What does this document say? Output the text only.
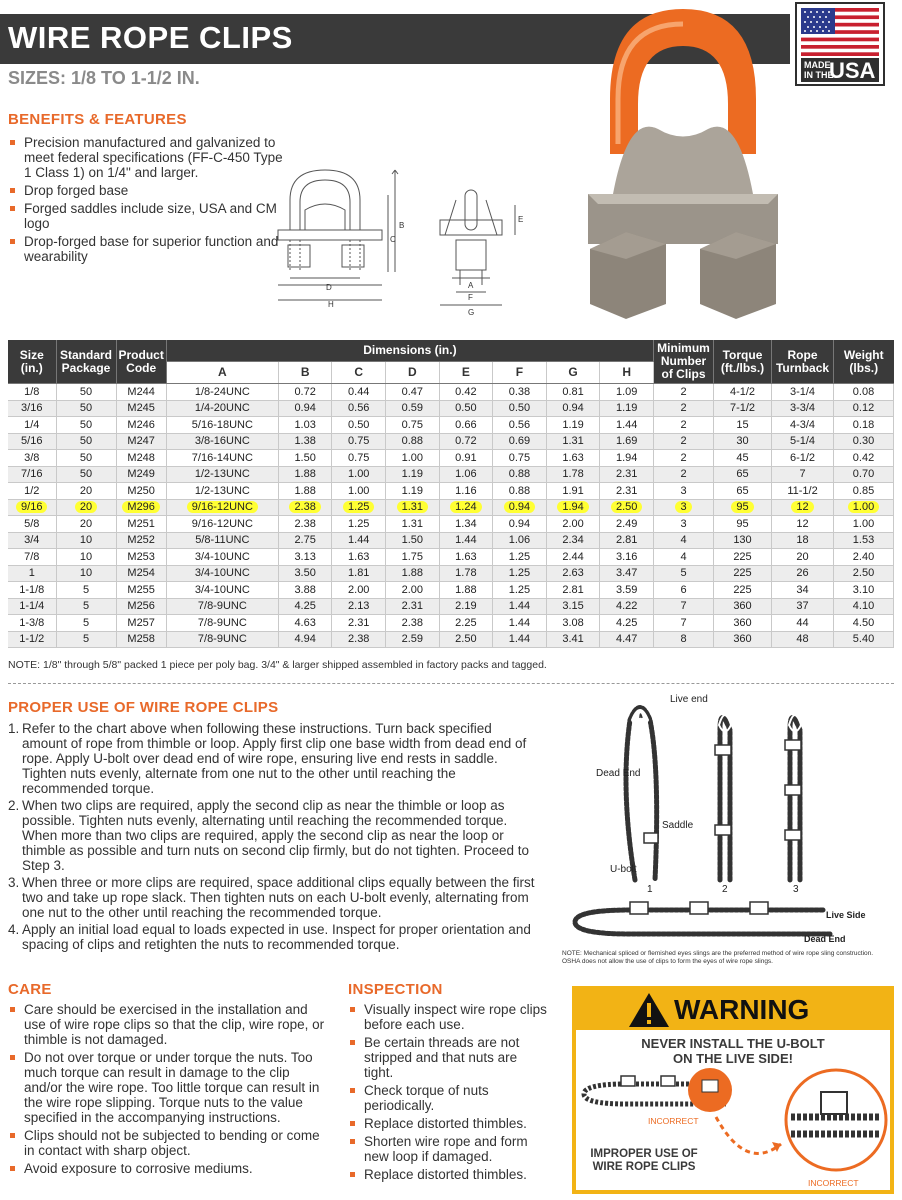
WIRE ROPE CLIPS
MADE
IN THE
USA
SIZES: 1/8 TO 1-1/2 IN.
BENEFITS & FEATURES
Precision manufactured and galvanized to meet federal specifications (FF-C-450 Type 1 Class 1) on 1/4" and larger.
Drop forged base
Forged saddles include size, USA and CM logo
Drop-forged base for superior function and wearability
B
C
D
H
E
A
F
G
Size (in.)	Standard Package	Product Code	Dimensions (in.)								Minimum Number of Clips	Torque (ft./lbs.)	Rope Turnback	Weight (lbs.)
			A	B	C	D	E	F	G	H				
1/8	50	M244	1/8-24UNC	0.72	0.44	0.47	0.42	0.38	0.81	1.09	2	4-1/2	3-1/4	0.08
3/16	50	M245	1/4-20UNC	0.94	0.56	0.59	0.50	0.50	0.94	1.19	2	7-1/2	3-3/4	0.12
1/4	50	M246	5/16-18UNC	1.03	0.50	0.75	0.66	0.56	1.19	1.44	2	15	4-3/4	0.18
5/16	50	M247	3/8-16UNC	1.38	0.75	0.88	0.72	0.69	1.31	1.69	2	30	5-1/4	0.30
3/8	50	M248	7/16-14UNC	1.50	0.75	1.00	0.91	0.75	1.63	1.94	2	45	6-1/2	0.42
7/16	50	M249	1/2-13UNC	1.88	1.00	1.19	1.06	0.88	1.78	2.31	2	65	7	0.70
1/2	20	M250	1/2-13UNC	1.88	1.00	1.19	1.16	0.88	1.91	2.31	3	65	11-1/2	0.85
9/16	20	M296	9/16-12UNC	2.38	1.25	1.31	1.24	0.94	1.94	2.50	3	95	12	1.00
5/8	20	M251	9/16-12UNC	2.38	1.25	1.31	1.34	0.94	2.00	2.49	3	95	12	1.00
3/4	10	M252	5/8-11UNC	2.75	1.44	1.50	1.44	1.06	2.34	2.81	4	130	18	1.53
7/8	10	M253	3/4-10UNC	3.13	1.63	1.75	1.63	1.25	2.44	3.16	4	225	20	2.40
1	10	M254	3/4-10UNC	3.50	1.81	1.88	1.78	1.25	2.63	3.47	5	225	26	2.50
1-1/8	5	M255	3/4-10UNC	3.88	2.00	2.00	1.88	1.25	2.81	3.59	6	225	34	3.10
1-1/4	5	M256	7/8-9UNC	4.25	2.13	2.31	2.19	1.44	3.15	4.22	7	360	37	4.10
1-3/8	5	M257	7/8-9UNC	4.63	2.31	2.38	2.25	1.44	3.08	4.25	7	360	44	4.50
1-1/2	5	M258	7/8-9UNC	4.94	2.38	2.59	2.50	1.44	3.41	4.47	8	360	48	5.40
NOTE: 1/8" through 5/8" packed 1 piece per poly bag. 3/4" & larger shipped assembled in factory packs and tagged.
PROPER USE OF WIRE ROPE CLIPS
1. Refer to the chart above when following these instructions. Turn back specified amount of rope from thimble or loop. Apply first clip one base width from dead end of rope. Apply U-bolt over dead end of wire rope, ensuring live end rests in saddle. Tighten nuts evenly, alternate from one nut to the other until reaching the recommended torque.
2. When two clips are required, apply the second clip as near the thimble or loop as possible. Tighten nuts evenly, alternating until reaching the recommended torque. When more than two clips are required, apply the second clip as near the loop or thimble as possible and turn nuts on second clip firmly, but do not tighten. Proceed to Step 3.
3. When three or more clips are required, space additional clips equally between the first two and take up rope slack. Then tighten nuts on each U-bolt evenly, alternating from one nut to the other until reaching the recommended torque.
4. Apply an initial load equal to loads expected in use. Inspect for proper orientation and spacing of clips and retighten the nuts to recommended torque.
Live end
Dead End
Saddle
U-bolt
1	2	3
Live Side
Dead End
NOTE: Mechanical spliced or flemished eyes slings are the preferred method of wire rope sling construction. OSHA does not allow the use of clips to form the eyes of wire rope slings.
CARE
Care should be exercised in the installation and use of wire rope clips so that the clip, wire rope, or thimble is not damaged.
Do not over torque or under torque the nuts. Too much torque can result in damage to the clip and/or the wire rope. Too little torque can result in the wire rope slipping. Torque nuts to the value specified in the accompanying instructions.
Clips should not be subjected to bending or come in contact with sharp object.
Avoid exposure to corrosive mediums.
INSPECTION
Visually inspect wire rope clips before each use.
Be certain threads are not stripped and that nuts are tight.
Check torque of nuts periodically.
Replace distorted thimbles.
Shorten wire rope and form new loop if damaged.
Replace distorted thimbles.
WARNING
NEVER INSTALL THE U-BOLT
ON THE LIVE SIDE!
INCORRECT
INCORRECT
IMPROPER USE OF WIRE ROPE CLIPS
